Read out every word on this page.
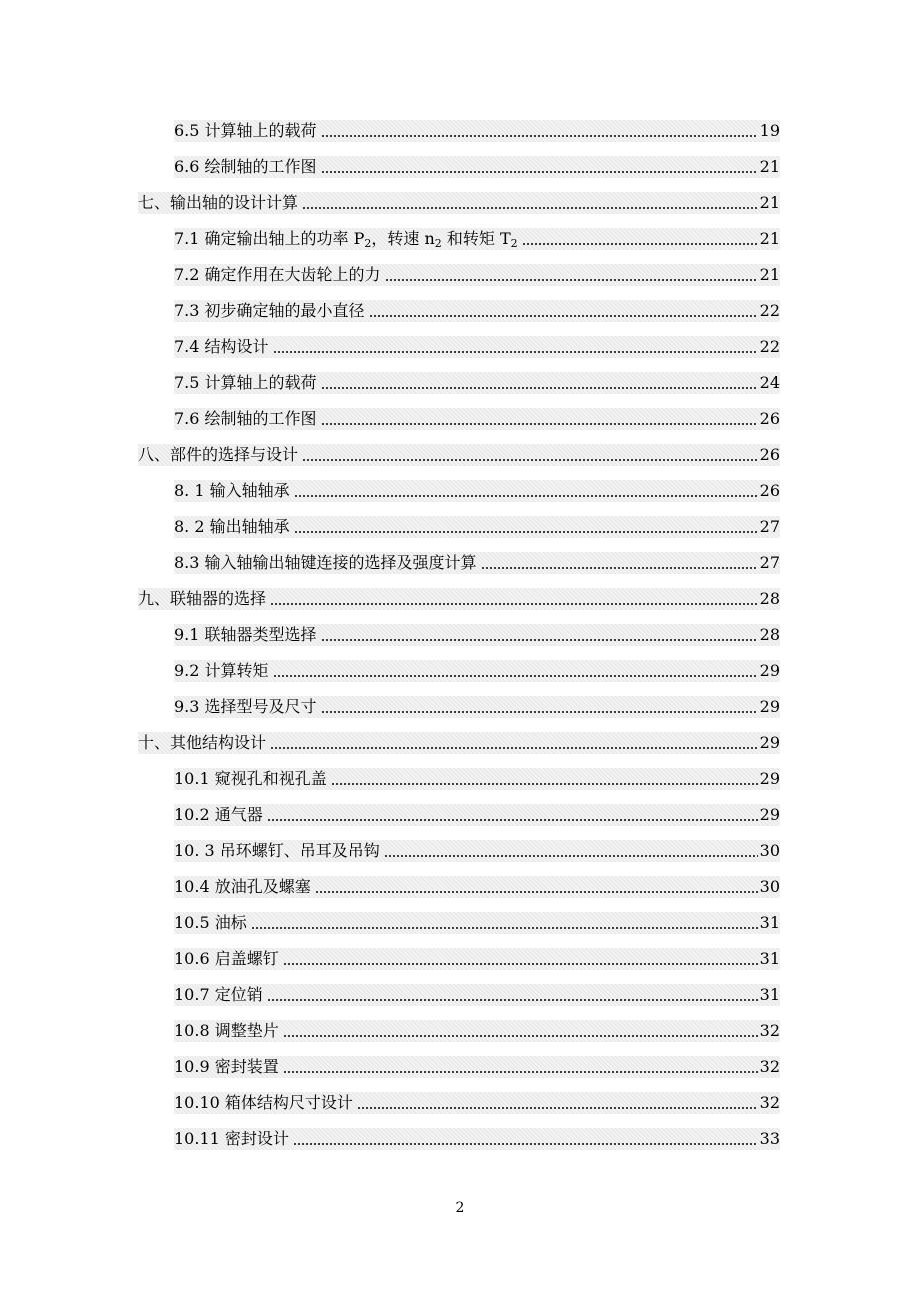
6.5 计算轴上的载荷	19
6.6 绘制轴的工作图	21
七、输出轴的设计计算	21
7.1 确定输出轴上的功率 $P_2$，转速 $n_2$ 和转矩 $T_2$	21
7.2 确定作用在大齿轮上的力	21
7.3 初步确定轴的最小直径	22
7.4 结构设计	22
7.5 计算轴上的载荷	24
7.6 绘制轴的工作图	26
八、部件的选择与设计	26
8. 1 输入轴轴承	26
8. 2 输出轴轴承	27
8.3 输入轴输出轴键连接的选择及强度计算	27
九、联轴器的选择	28
9.1 联轴器类型选择	28
9.2 计算转矩	29
9.3 选择型号及尺寸	29
十、其他结构设计	29
10.1 窥视孔和视孔盖	29
10.2 通气器	29
10. 3 吊环螺钉、吊耳及吊钩	30
10.4 放油孔及螺塞	30
10.5 油标	31
10.6 启盖螺钉	31
10.7 定位销	31
10.8 调整垫片	32
10.9 密封装置	32
10.10 箱体结构尺寸设计	32
10.11 密封设计	33
2
